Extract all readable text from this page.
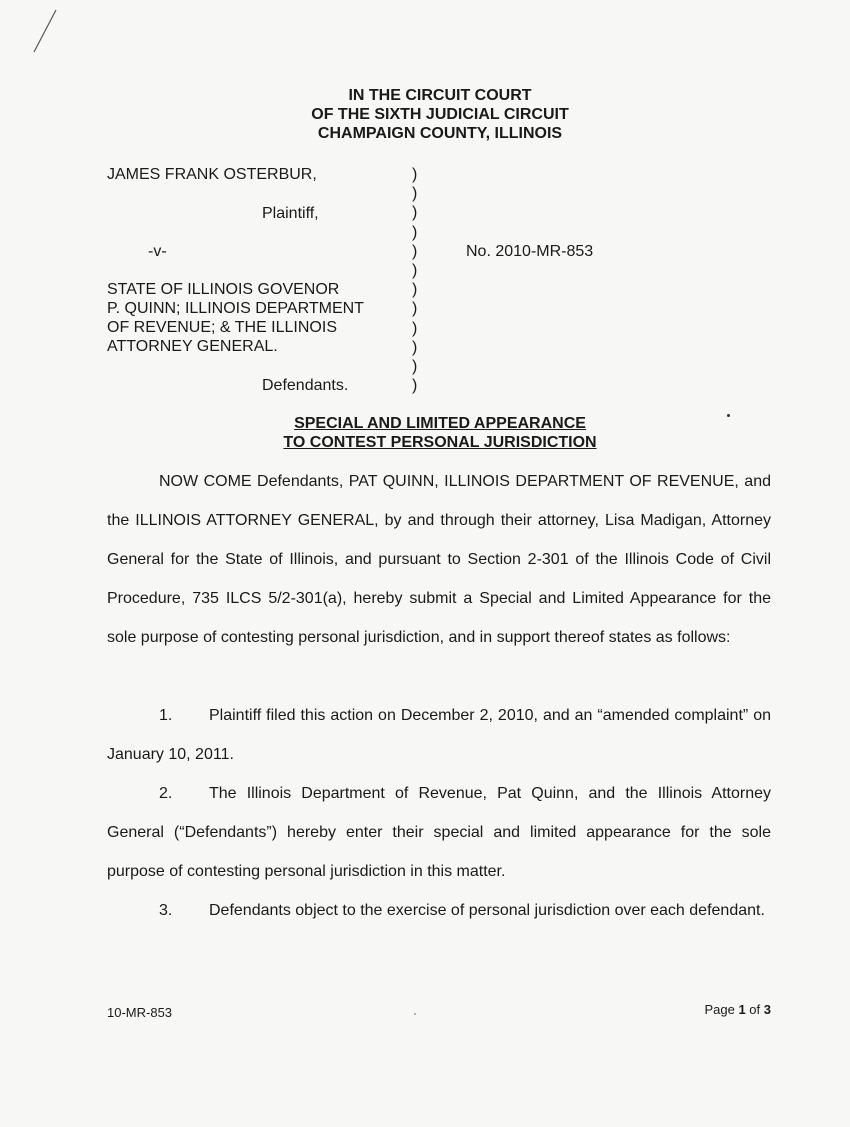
IN THE CIRCUIT COURT
OF THE SIXTH JUDICIAL CIRCUIT
CHAMPAIGN COUNTY, ILLINOIS
JAMES FRANK OSTERBUR,
Plaintiff,
-v-
STATE OF ILLINOIS GOVENOR
P. QUINN; ILLINOIS DEPARTMENT
OF REVENUE; & THE ILLINOIS
ATTORNEY GENERAL.
Defendants.
No. 2010-MR-853
)
)
)
)
)
)
)
)
)
)
)
)
SPECIAL AND LIMITED APPEARANCE
TO CONTEST PERSONAL JURISDICTION
NOW COME Defendants, PAT QUINN, ILLINOIS DEPARTMENT OF REVENUE, and the ILLINOIS ATTORNEY GENERAL, by and through their attorney, Lisa Madigan, Attorney General for the State of Illinois, and pursuant to Section 2-301 of the Illinois Code of Civil Procedure, 735 ILCS 5/2-301(a), hereby submit a Special and Limited Appearance for the sole purpose of contesting personal jurisdiction, and in support thereof states as follows:
1. Plaintiff filed this action on December 2, 2010, and an “amended complaint” on January 10, 2011.
2. The Illinois Department of Revenue, Pat Quinn, and the Illinois Attorney General (“Defendants”) hereby enter their special and limited appearance for the sole purpose of contesting personal jurisdiction in this matter.
3. Defendants object to the exercise of personal jurisdiction over each defendant.
10-MR-853	Page 1 of 3
